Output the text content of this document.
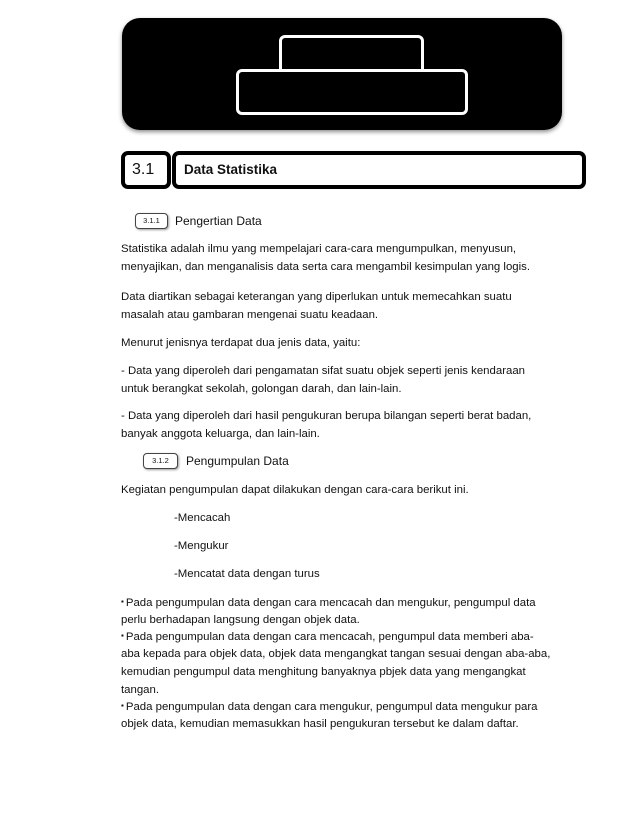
3.1	Data Statistika
3.1.1	Pengertian Data

Statistika adalah ilmu yang mempelajari cara-cara mengumpulkan, menyusun,

menyajikan, dan menganalisis data serta cara mengambil kesimpulan yang logis.

Data diartikan sebagai keterangan yang diperlukan untuk memecahkan suatu

masalah atau gambaran mengenai suatu keadaan.

Menurut jenisnya terdapat dua jenis data, yaitu:

- Data yang diperoleh dari pengamatan sifat suatu objek seperti jenis kendaraan

untuk berangkat sekolah, golongan darah, dan lain-lain.

- Data yang diperoleh dari hasil pengukuran berupa bilangan seperti berat badan,

banyak anggota keluarga, dan lain-lain.

3.1.2	Pengumpulan Data

Kegiatan pengumpulan dapat dilakukan dengan cara-cara berikut ini.

-Mencacah
-Mengukur
-Mencatat data dengan turus

▪ Pada pengumpulan data dengan cara mencacah dan mengukur, pengumpul data

perlu berhadapan langsung dengan objek data.

▪ Pada pengumpulan data dengan cara mencacah, pengumpul data memberi aba-

aba kepada para objek data, objek data mengangkat tangan sesuai dengan aba-aba,

kemudian pengumpul data menghitung banyaknya pbjek data yang mengangkat

tangan.

▪ Pada pengumpulan data dengan cara mengukur, pengumpul data mengukur para

objek data, kemudian memasukkan hasil pengukuran tersebut ke dalam daftar.
